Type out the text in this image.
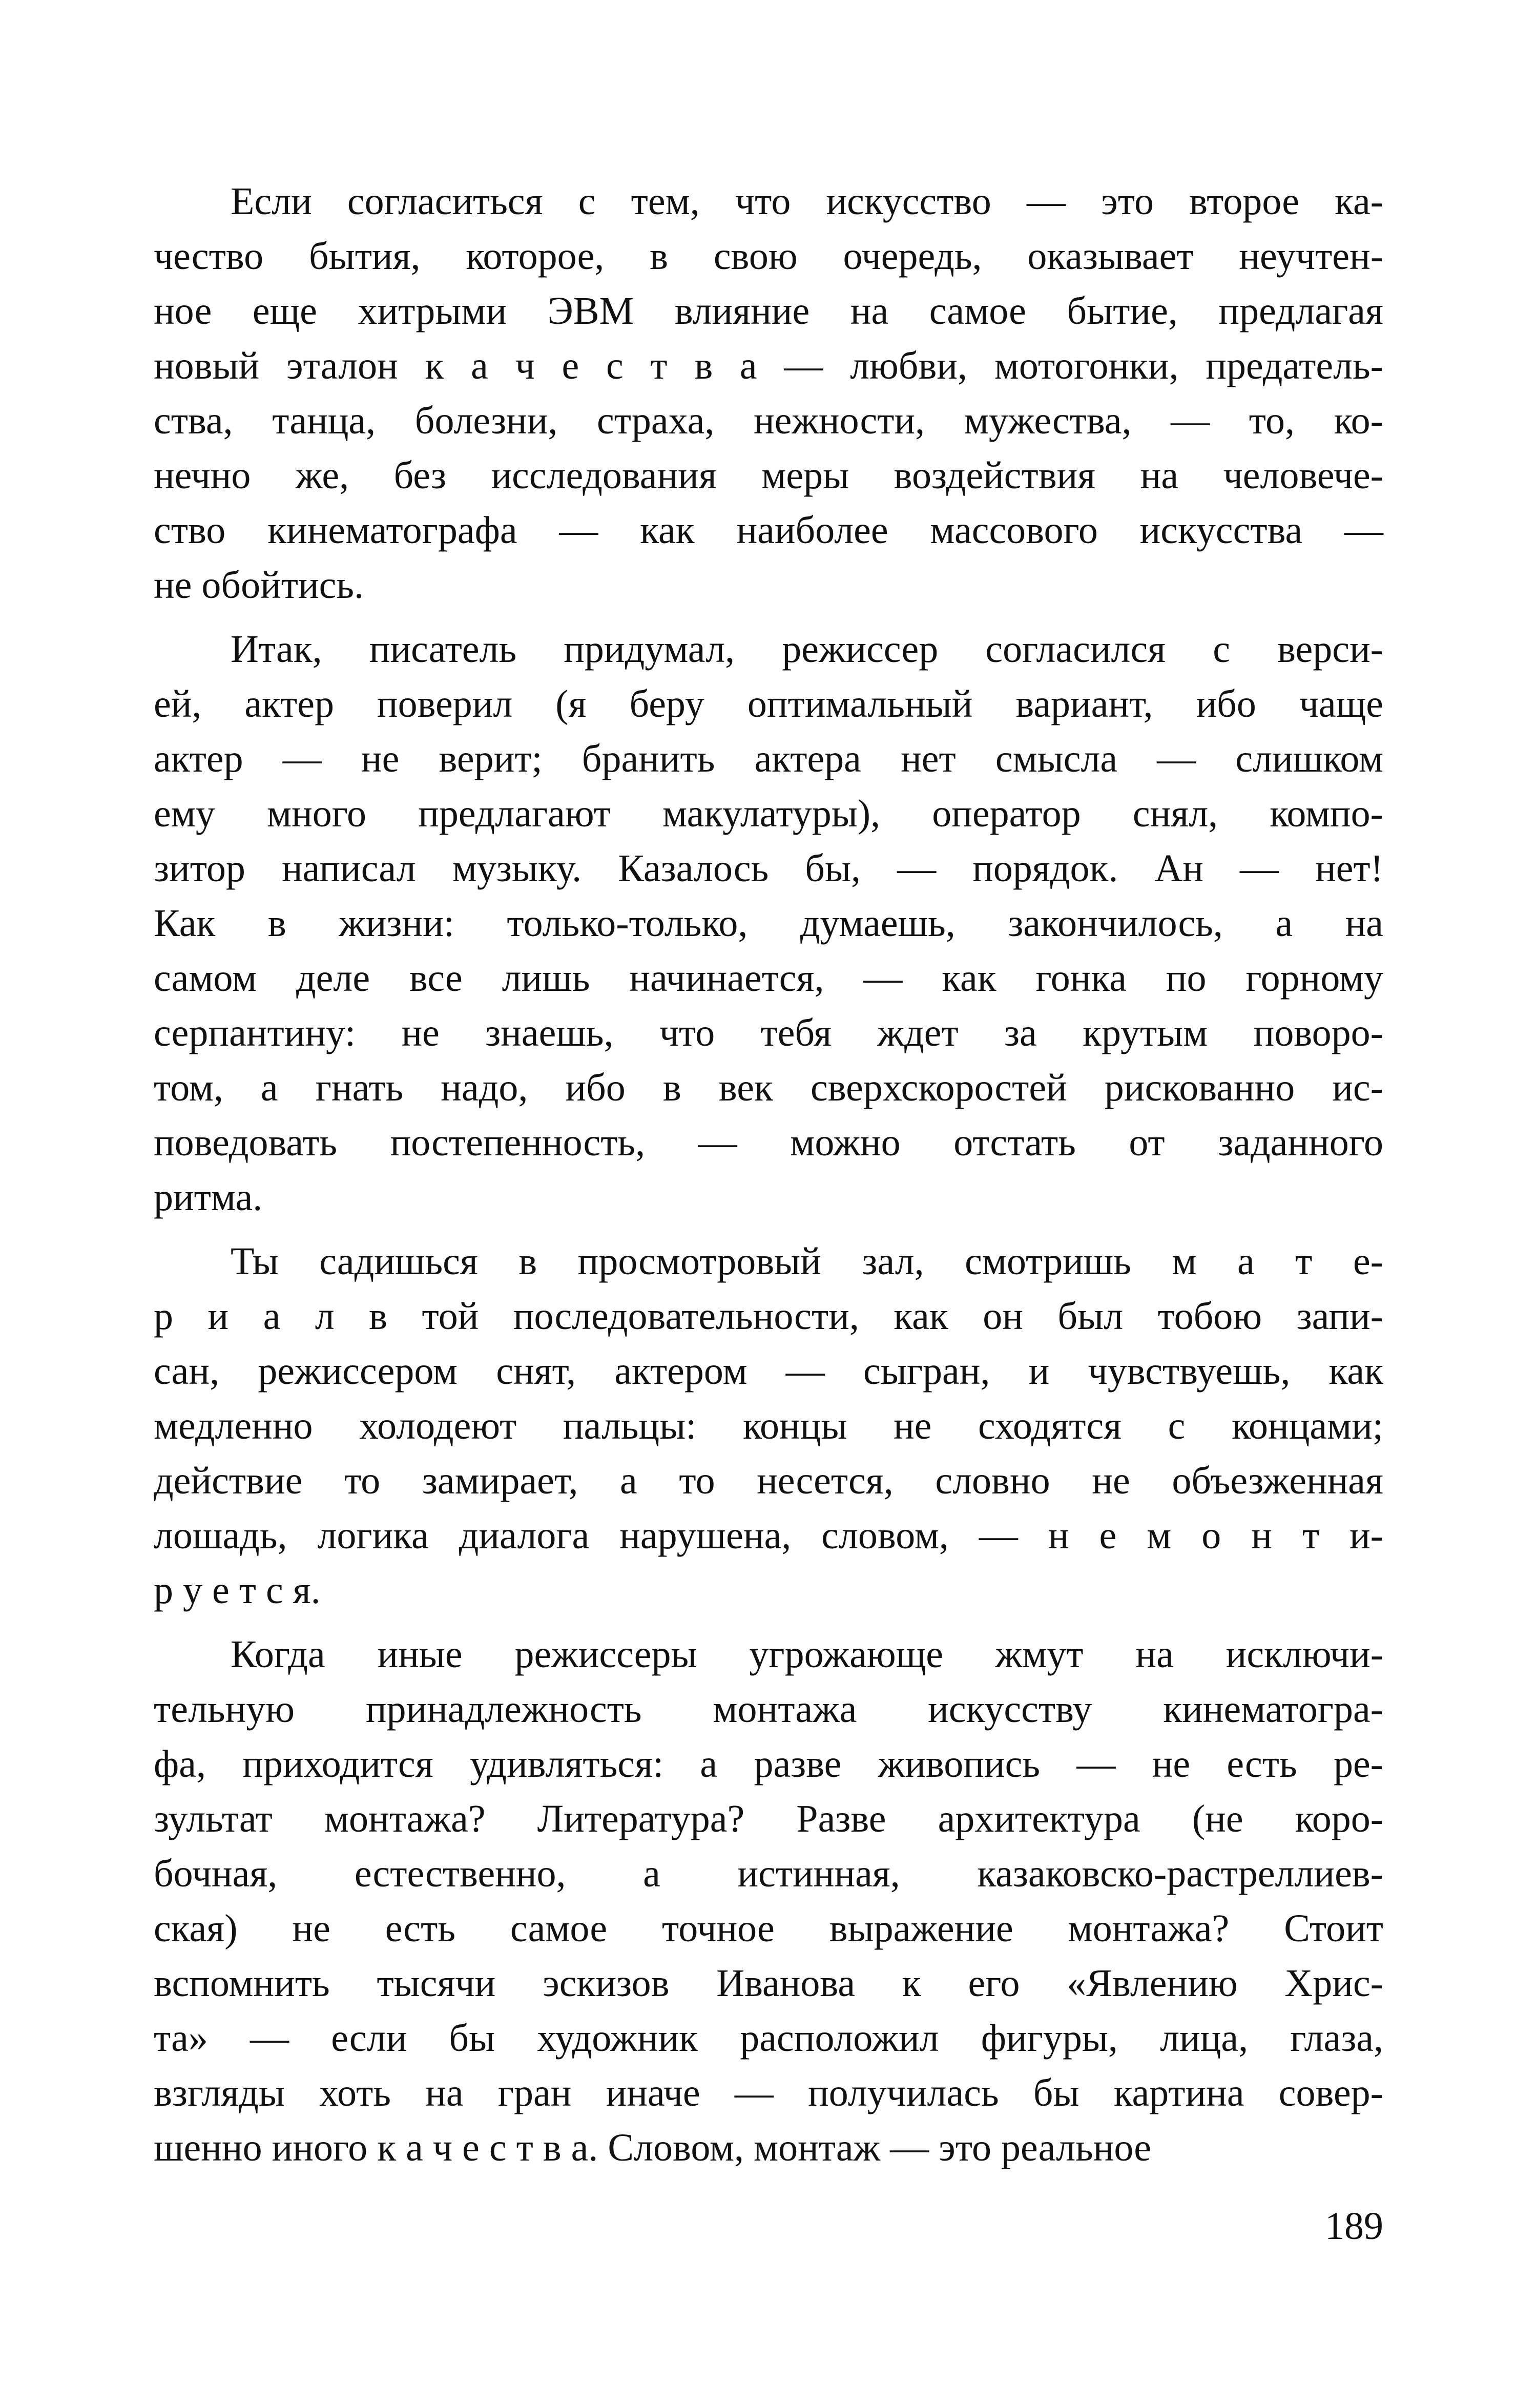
Если согласиться с тем, что искусство — это второе ка-
чество бытия, которое, в свою очередь, оказывает неучтен-
ное еще хитрыми ЭВМ влияние на самое бытие, предлагая
новый эталон к а ч е с т в а — любви, мотогонки, предатель-
ства, танца, болезни, страха, нежности, мужества, — то, ко-
нечно же, без исследования меры воздействия на человече-
ство кинематографа — как наиболее массового искусства —
не обойтись.
Итак, писатель придумал, режиссер согласился с верси-
ей, актер поверил (я беру оптимальный вариант, ибо чаще
актер — не верит; бранить актера нет смысла — слишком
ему много предлагают макулатуры), оператор снял, компо-
зитор написал музыку. Казалось бы, — порядок. Ан — нет!
Как в жизни: только-только, думаешь, закончилось, а на
самом деле все лишь начинается, — как гонка по горному
серпантину: не знаешь, что тебя ждет за крутым поворо-
том, а гнать надо, ибо в век сверхскоростей рискованно ис-
поведовать постепенность, — можно отстать от заданного
ритма.
Ты садишься в просмотровый зал, смотришь м а т е-
р и а л в той последовательности, как он был тобою запи-
сан, режиссером снят, актером — сыгран, и чувствуешь, как
медленно холодеют пальцы: концы не сходятся с концами;
действие то замирает, а то несется, словно не объезженная
лошадь, логика диалога нарушена, словом, — н е м о н т и-
р у е т с я.
Когда иные режиссеры угрожающе жмут на исключи-
тельную принадлежность монтажа искусству кинематогра-
фа, приходится удивляться: а разве живопись — не есть ре-
зультат монтажа? Литература? Разве архитектура (не коро-
бочная, естественно, а истинная, казаковско-растреллиев-
ская) не есть самое точное выражение монтажа? Стоит
вспомнить тысячи эскизов Иванова к его «Явлению Хрис-
та» — если бы художник расположил фигуры, лица, глаза,
взгляды хоть на гран иначе — получилась бы картина совер-
шенно иного к а ч е с т в а. Словом, монтаж — это реальное
189
